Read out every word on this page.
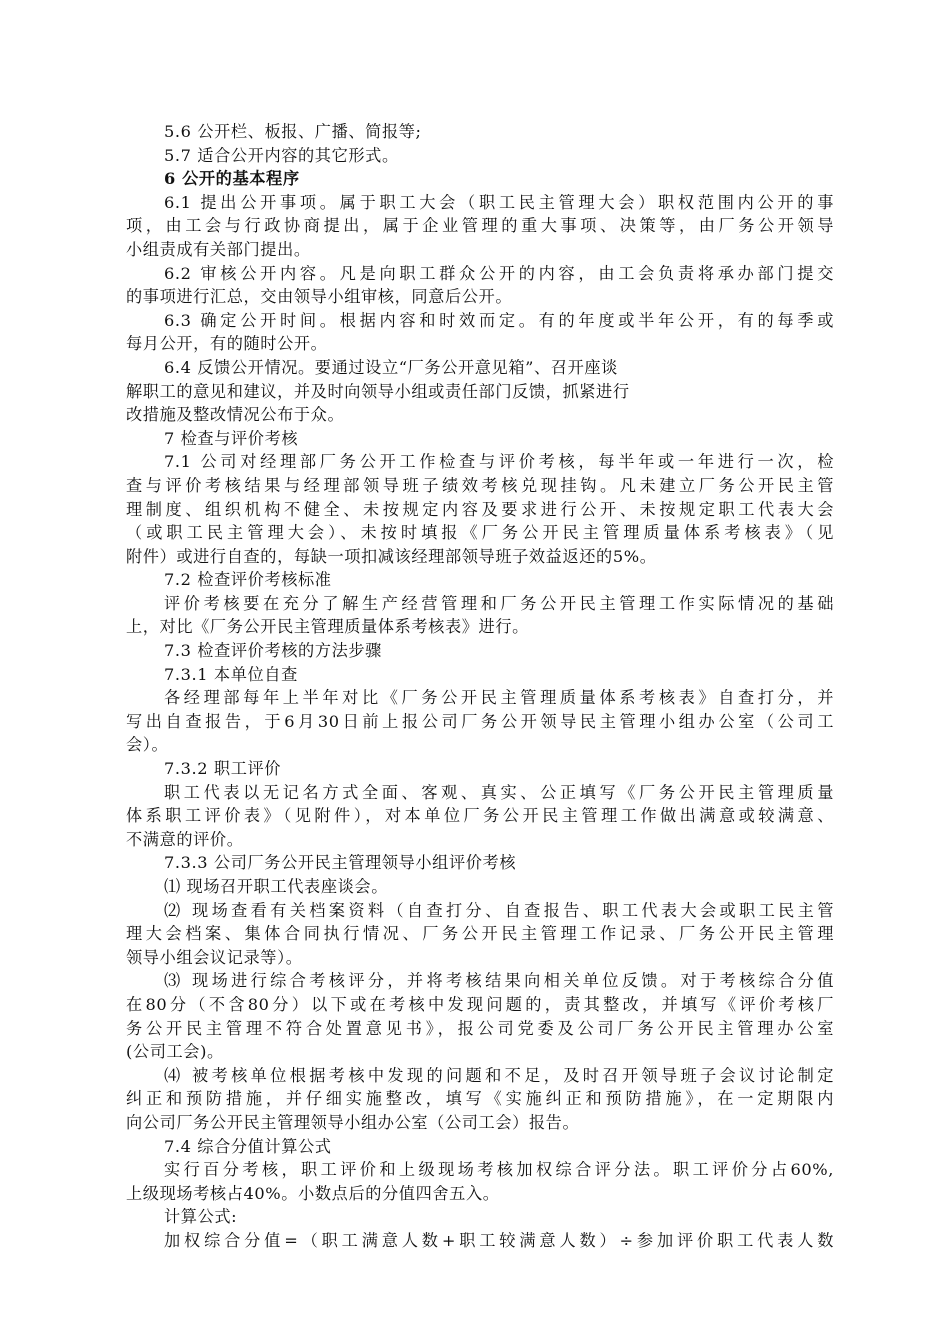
5.6 公开栏、板报、广播、简报等;
5.7 适合公开内容的其它形式。
6 公开的基本程序
6.1 提出公开事项。属于职工大会（职工民主管理大会）职权范围内公开的事
项，由工会与行政协商提出，属于企业管理的重大事项、决策等，由厂务公开领导
小组责成有关部门提出。
6.2 审核公开内容。凡是向职工群众公开的内容，由工会负责将承办部门提交
的事项进行汇总，交由领导小组审核，同意后公开。
6.3 确定公开时间。根据内容和时效而定。有的年度或半年公开，有的每季或
每月公开，有的随时公开。
6.4 反馈公开情况。要通过设立“厂务公开意见箱”、召开座谈
解职工的意见和建议，并及时向领导小组或责任部门反馈，抓紧进行
改措施及整改情况公布于众。
7 检查与评价考核
7.1 公司对经理部厂务公开工作检查与评价考核，每半年或一年进行一次，检
查与评价考核结果与经理部领导班子绩效考核兑现挂钩。凡未建立厂务公开民主管
理制度、组织机构不健全、未按规定内容及要求进行公开、未按规定职工代表大会
（或职工民主管理大会）、未按时填报《厂务公开民主管理质量体系考核表》（见
附件）或进行自查的，每缺一项扣减该经理部领导班子效益返还的5%。
7.2 检查评价考核标准
评价考核要在充分了解生产经营管理和厂务公开民主管理工作实际情况的基础
上，对比《厂务公开民主管理质量体系考核表》进行。
7.3 检查评价考核的方法步骤
7.3.1 本单位自查
各经理部每年上半年对比《厂务公开民主管理质量体系考核表》自查打分，并
写出自查报告，于6月30日前上报公司厂务公开领导民主管理小组办公室（公司工
会）。
7.3.2 职工评价
职工代表以无记名方式全面、客观、真实、公正填写《厂务公开民主管理质量
体系职工评价表》（见附件），对本单位厂务公开民主管理工作做出满意或较满意、
不满意的评价。
7.3.3 公司厂务公开民主管理领导小组评价考核
⑴ 现场召开职工代表座谈会。
⑵ 现场查看有关档案资料（自查打分、自查报告、职工代表大会或职工民主管
理大会档案、集体合同执行情况、厂务公开民主管理工作记录、厂务公开民主管理
领导小组会议记录等）。
⑶ 现场进行综合考核评分，并将考核结果向相关单位反馈。对于考核综合分值
在80分（不含80分）以下或在考核中发现问题的，责其整改，并填写《评价考核厂
务公开民主管理不符合处置意见书》，报公司党委及公司厂务公开民主管理办公室
(公司工会)。
⑷ 被考核单位根据考核中发现的问题和不足，及时召开领导班子会议讨论制定
纠正和预防措施，并仔细实施整改，填写《实施纠正和预防措施》，在一定期限内
向公司厂务公开民主管理领导小组办公室（公司工会）报告。
7.4 综合分值计算公式
实行百分考核，职工评价和上级现场考核加权综合评分法。职工评价分占60%,
上级现场考核占40%。小数点后的分值四舍五入。
计算公式:
加权综合分值=（职工满意人数+职工较满意人数）÷参加评价职工代表人数
